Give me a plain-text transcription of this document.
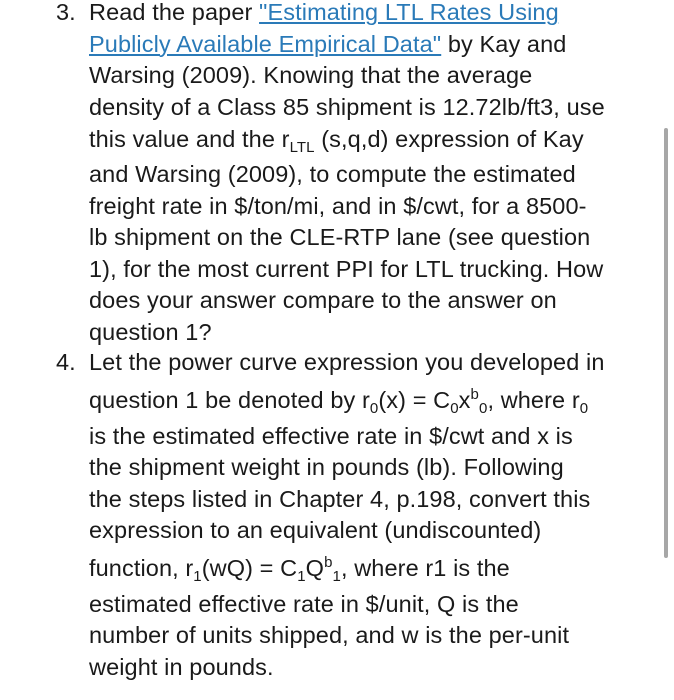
3. Read the paper "Estimating LTL Rates Using
Publicly Available Empirical Data" by Kay and
Warsing (2009). Knowing that the average
density of a Class 85 shipment is 12.72lb/ft3, use
this value and the $r_{LTL}$ (s,q,d) expression of Kay
and Warsing (2009), to compute the estimated
freight rate in $/ton/mi, and in $/cwt, for a 8500-
lb shipment on the CLE-RTP lane (see question
1), for the most current PPI for LTL trucking. How
does your answer compare to the answer on
question 1?
4. Let the power curve expression you developed in
question 1 be denoted by $r_0(x) = C_0x^b_0$, where $r_0$
is the estimated effective rate in $/cwt and x is
the shipment weight in pounds (lb). Following
the steps listed in Chapter 4, p.198, convert this
expression to an equivalent (undiscounted)
function, $r_1(wQ) = C_1Q^b_1$, where r1 is the
estimated effective rate in $/unit, Q is the
number of units shipped, and w is the per-unit
weight in pounds.
